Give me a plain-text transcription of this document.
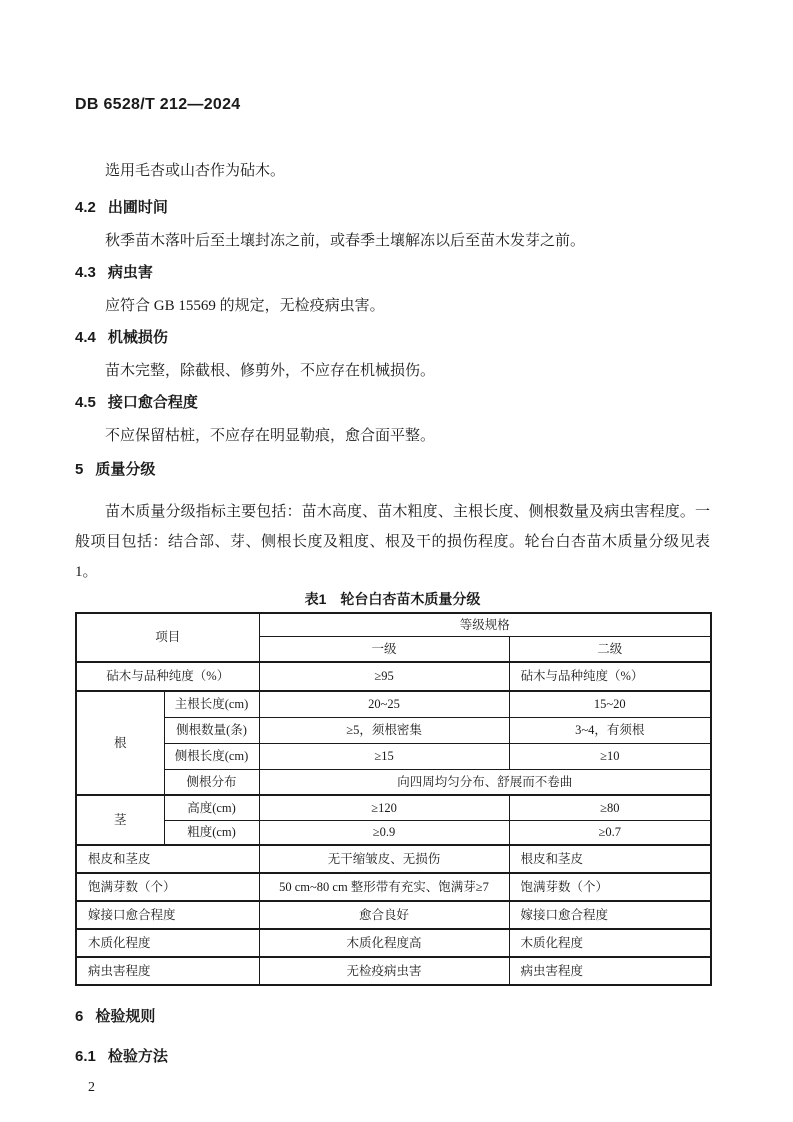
DB 6528/T 212—2024

选用毛杏或山杏作为砧木。

4.2 出圃时间

秋季苗木落叶后至土壤封冻之前，或春季土壤解冻以后至苗木发芽之前。

4.3 病虫害

应符合 GB 15569 的规定，无检疫病虫害。

4.4 机械损伤

苗木完整，除截根、修剪外，不应存在机械损伤。

4.5 接口愈合程度

不应保留枯桩，不应存在明显勒痕，愈合面平整。

5 质量分级

苗木质量分级指标主要包括：苗木高度、苗木粗度、主根长度、侧根数量及病虫害程度。一般项目包括：结合部、芽、侧根长度及粗度、根及干的损伤程度。轮台白杏苗木质量分级见表 1。

表1 轮台白杏苗木质量分级
项目		等级规格	
		一级	二级
砧木与品种纯度（%）		≥95	砧木与品种纯度（%）
根	主根长度(cm)	20~25	15~20
	侧根数量(条)	≥5，须根密集	3~4，有须根
	侧根长度(cm)	≥15	≥10
	侧根分布	向四周均匀分布、舒展而不卷曲	
茎	高度(cm)	≥120	≥80
	粗度(cm)	≥0.9	≥0.7
根皮和茎皮		无干缩皱皮、无损伤	根皮和茎皮
饱满芽数（个）		50 cm~80 cm 整形带有充实、饱满芽≥7	饱满芽数（个）
嫁接口愈合程度		愈合良好	嫁接口愈合程度
木质化程度		木质化程度高	木质化程度
病虫害程度		无检疫病虫害	病虫害程度
6 检验规则
6.1 检验方法
2
